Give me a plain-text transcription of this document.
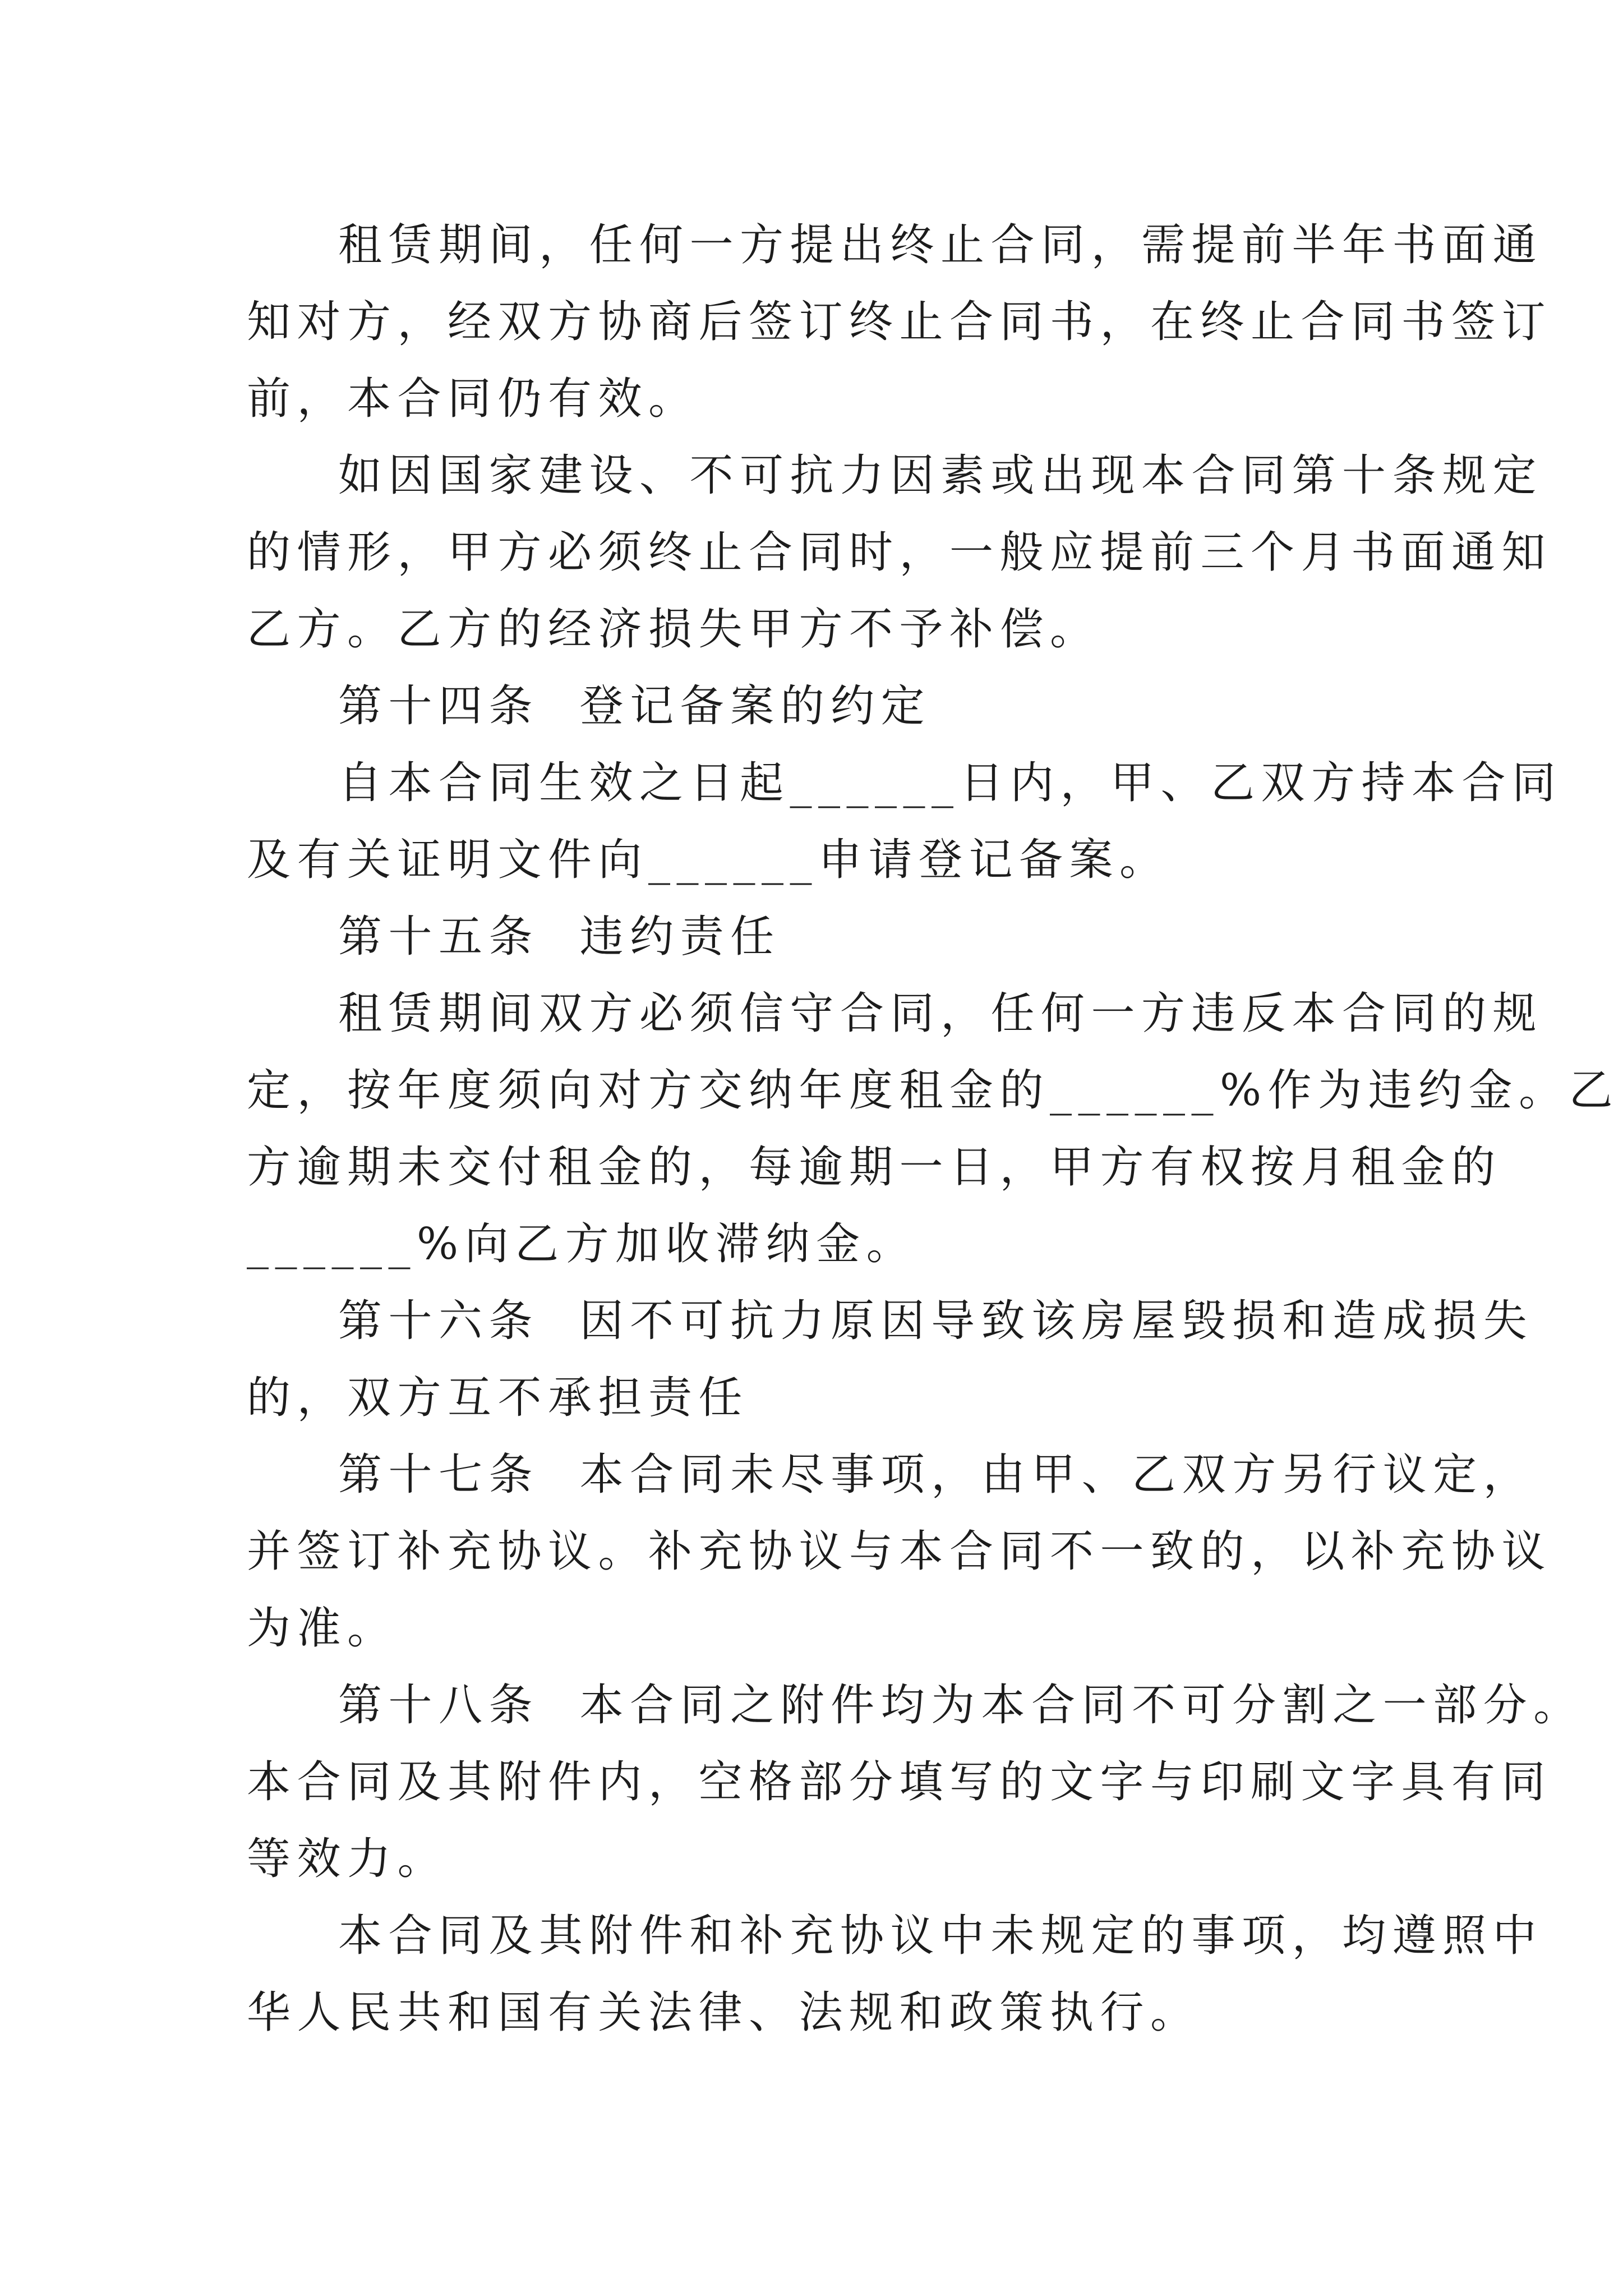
租赁期间，任何一方提出终止合同，需提前半年书面通

知对方，经双方协商后签订终止合同书，在终止合同书签订

前，本合同仍有效。

如因国家建设、不可抗力因素或出现本合同第十条规定

的情形，甲方必须终止合同时，一般应提前三个月书面通知

乙方。乙方的经济损失甲方不予补偿。

第十四条  登记备案的约定

自本合同生效之日起______日内，甲、乙双方持本合同

及有关证明文件向______申请登记备案。

第十五条  违约责任

租赁期间双方必须信守合同，任何一方违反本合同的规

定，按年度须向对方交纳年度租金的______%作为违约金。乙

方逾期未交付租金的，每逾期一日，甲方有权按月租金的

______%向乙方加收滞纳金。

第十六条  因不可抗力原因导致该房屋毁损和造成损失

的，双方互不承担责任

第十七条  本合同未尽事项，由甲、乙双方另行议定，

并签订补充协议。补充协议与本合同不一致的，以补充协议

为准。

第十八条  本合同之附件均为本合同不可分割之一部分。

本合同及其附件内，空格部分填写的文字与印刷文字具有同

等效力。

本合同及其附件和补充协议中未规定的事项，均遵照中

华人民共和国有关法律、法规和政策执行。
